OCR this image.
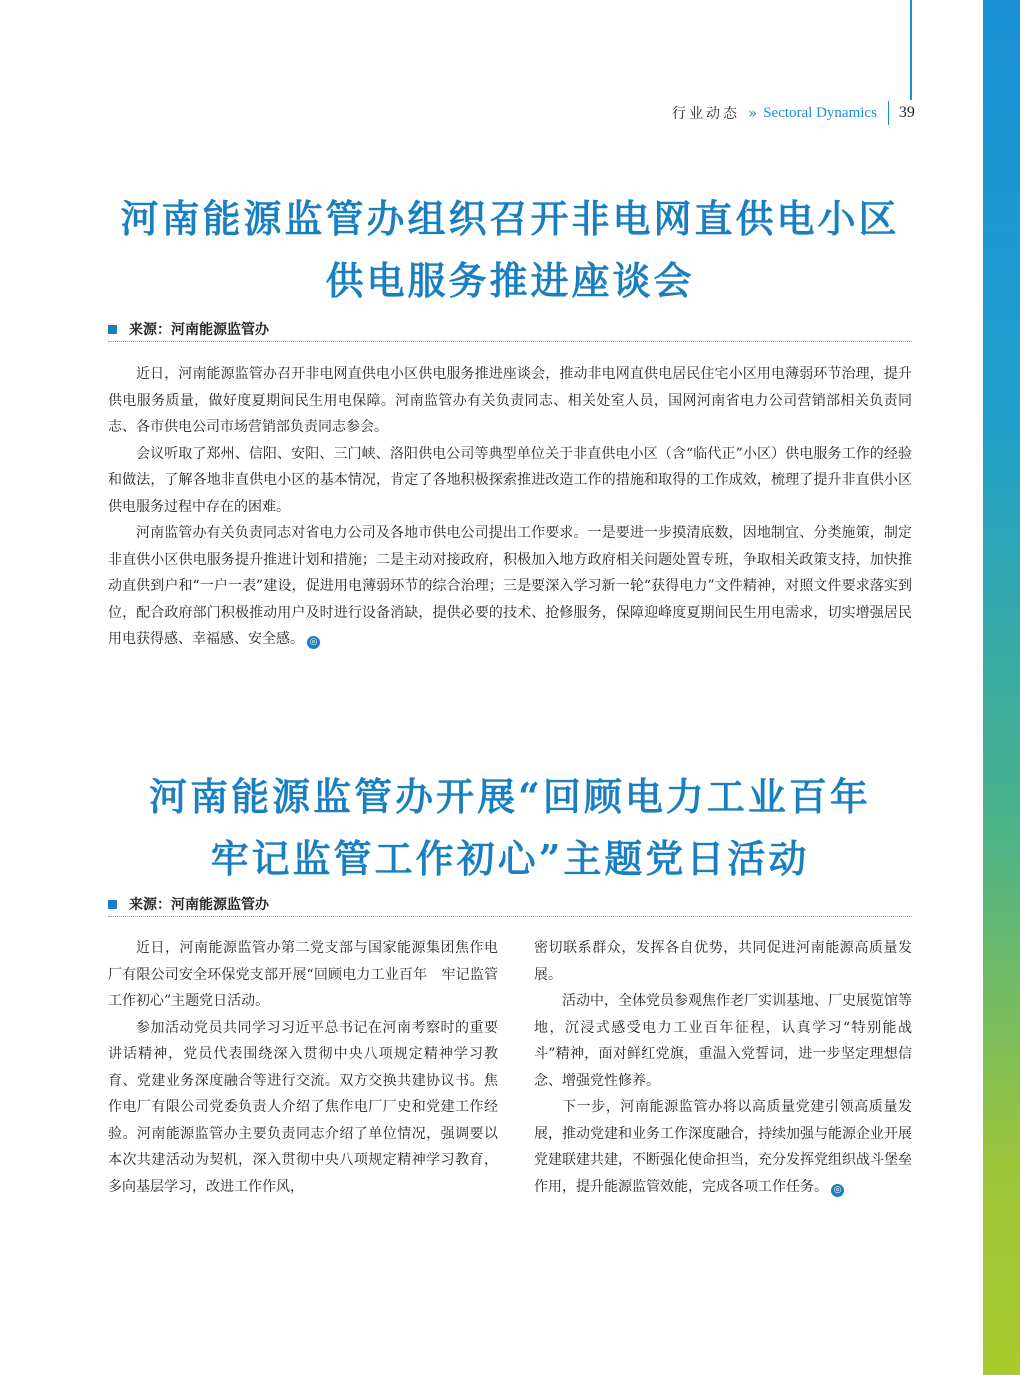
行业动态 » Sectoral Dynamics 39
河南能源监管办组织召开非电网直供电小区
供电服务推进座谈会
来源：河南能源监管办

近日，河南能源监管办召开非电网直供电小区供电服务推进座谈会，推动非电网直供电居民住宅小区用电薄弱环节治理，提升供电服务质量，做好度夏期间民生用电保障。河南监管办有关负责同志、相关处室人员，国网河南省电力公司营销部相关负责同志、各市供电公司市场营销部负责同志参会。

会议听取了郑州、信阳、安阳、三门峡、洛阳供电公司等典型单位关于非直供电小区（含“临代正”小区）供电服务工作的经验和做法，了解各地非直供电小区的基本情况，肯定了各地积极探索推进改造工作的措施和取得的工作成效，梳理了提升非直供小区供电服务过程中存在的困难。

河南监管办有关负责同志对省电力公司及各地市供电公司提出工作要求。一是要进一步摸清底数，因地制宜、分类施策，制定非直供小区供电服务提升推进计划和措施；二是主动对接政府，积极加入地方政府相关问题处置专班，争取相关政策支持，加快推动直供到户和“一户一表”建设，促进用电薄弱环节的综合治理；三是要深入学习新一轮“获得电力”文件精神，对照文件要求落实到位，配合政府部门积极推动用户及时进行设备消缺，提供必要的技术、抢修服务，保障迎峰度夏期间民生用电需求，切实增强居民用电获得感、幸福感、安全感。 ◎

河南能源监管办开展“回顾电力工业百年
牢记监管工作初心”主题党日活动
来源：河南能源监管办

近日，河南能源监管办第二党支部与国家能源集团焦作电厂有限公司安全环保党支部开展“回顾电力工业百年　牢记监管工作初心”主题党日活动。

参加活动党员共同学习习近平总书记在河南考察时的重要讲话精神，党员代表围绕深入贯彻中央八项规定精神学习教育、党建业务深度融合等进行交流。双方交换共建协议书。焦作电厂有限公司党委负责人介绍了焦作电厂厂史和党建工作经验。河南能源监管办主要负责同志介绍了单位情况，强调要以本次共建活动为契机，深入贯彻中央八项规定精神学习教育，多向基层学习，改进工作作风，

密切联系群众，发挥各自优势，共同促进河南能源高质量发展。

活动中，全体党员参观焦作老厂实训基地、厂史展览馆等地，沉浸式感受电力工业百年征程，认真学习“特别能战斗”精神，面对鲜红党旗，重温入党誓词，进一步坚定理想信念、增强党性修养。

下一步，河南能源监管办将以高质量党建引领高质量发展，推动党建和业务工作深度融合，持续加强与能源企业开展党建联建共建，不断强化使命担当，充分发挥党组织战斗堡垒作用，提升能源监管效能，完成各项工作任务。 ◎
